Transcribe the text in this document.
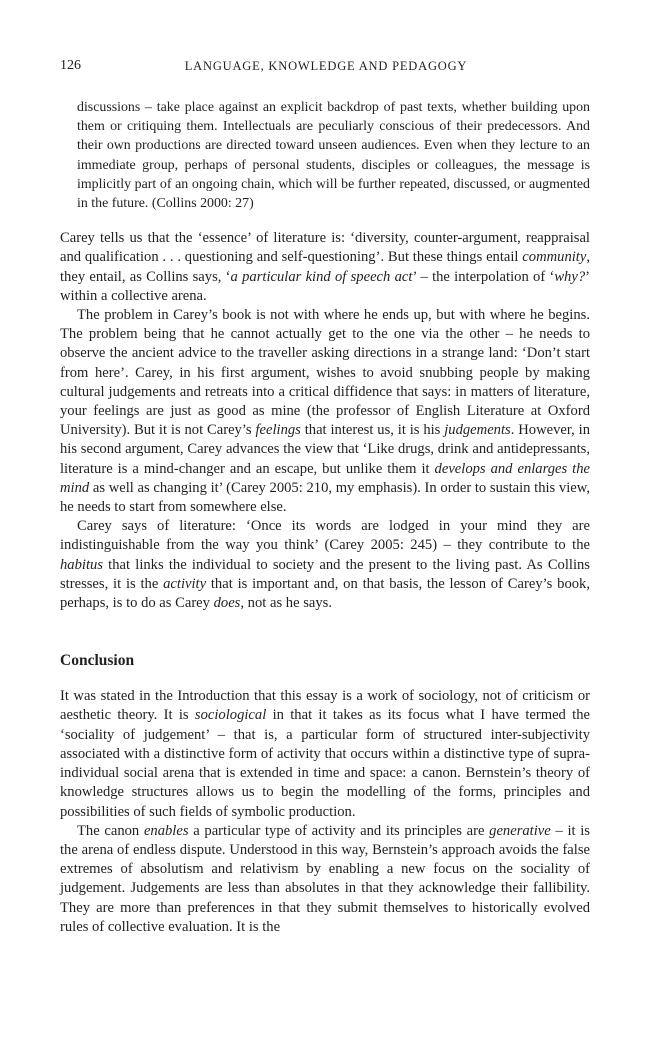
126	LANGUAGE, KNOWLEDGE AND PEDAGOGY

discussions – take place against an explicit backdrop of past texts, whether building upon them or critiquing them. Intellectuals are peculiarly conscious of their predecessors. And their own productions are directed toward unseen audiences. Even when they lecture to an immediate group, perhaps of personal students, disciples or colleagues, the message is implicitly part of an ongoing chain, which will be further repeated, discussed, or augmented in the future. (Collins 2000: 27)

Carey tells us that the ‘essence’ of literature is: ‘diversity, counter-argument, reappraisal and qualification . . . questioning and self-questioning’. But these things entail community, they entail, as Collins says, ‘a particular kind of speech act’ – the interpolation of ‘why?’ within a collective arena.

The problem in Carey’s book is not with where he ends up, but with where he begins. The problem being that he cannot actually get to the one via the other – he needs to observe the ancient advice to the traveller asking directions in a strange land: ‘Don’t start from here’. Carey, in his first argument, wishes to avoid snubbing people by making cultural judgements and retreats into a critical diffidence that says: in matters of literature, your feelings are just as good as mine (the professor of English Literature at Oxford University). But it is not Carey’s feelings that interest us, it is his judgements. However, in his second argument, Carey advances the view that ‘Like drugs, drink and antidepressants, literature is a mind-changer and an escape, but unlike them it develops and enlarges the mind as well as changing it’ (Carey 2005: 210, my emphasis). In order to sustain this view, he needs to start from somewhere else.

Carey says of literature: ‘Once its words are lodged in your mind they are indistinguishable from the way you think’ (Carey 2005: 245) – they contribute to the habitus that links the individual to society and the present to the living past. As Collins stresses, it is the activity that is important and, on that basis, the lesson of Carey’s book, perhaps, is to do as Carey does, not as he says.

Conclusion

It was stated in the Introduction that this essay is a work of sociology, not of criticism or aesthetic theory. It is sociological in that it takes as its focus what I have termed the ‘sociality of judgement’ – that is, a particular form of structured inter-subjectivity associated with a distinctive form of activity that occurs within a distinctive type of supra-individual social arena that is extended in time and space: a canon. Bernstein’s theory of knowledge structures allows us to begin the modelling of the forms, principles and possibilities of such fields of symbolic production.

The canon enables a particular type of activity and its principles are generative – it is the arena of endless dispute. Understood in this way, Bernstein’s approach avoids the false extremes of absolutism and relativism by enabling a new focus on the sociality of judgement. Judgements are less than absolutes in that they acknowledge their fallibility. They are more than preferences in that they submit themselves to historically evolved rules of collective evaluation. It is the
